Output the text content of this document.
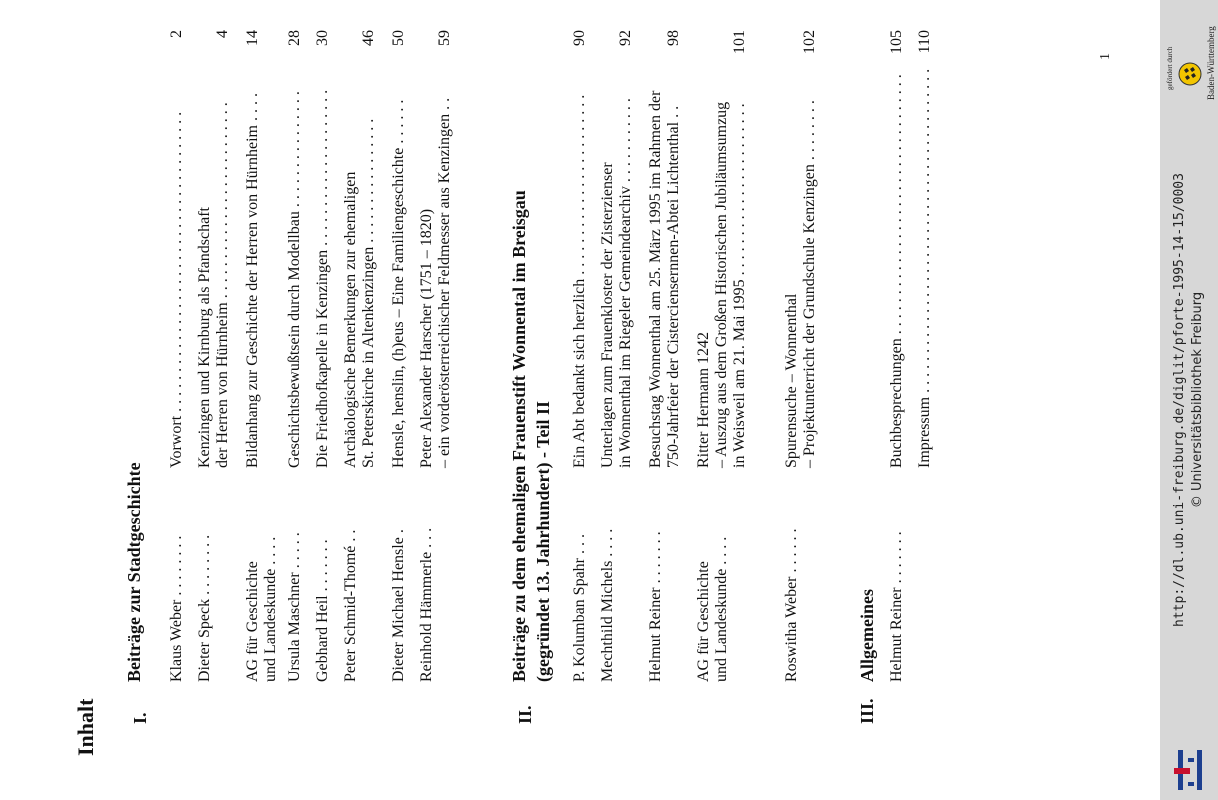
Inhalt
1
I.
Beiträge zur Stadtgeschichte Klaus Weber . . . . . . . .
Vorwort . . . . . . . . . . . . . . . . . . . . . . . . . . . . . . . . . . . . . .
2
Dieter Speck . . . . . . . .
Kenzingen und Kirnburg als Pfandschaft der Herren von Hürnheim . . . . . . . . . . . . . . . . . . . . . . . . .
4
AG für Geschichte und Landeskunde . . . .
Bildanhang zur Geschichte der Herren von Hürnheim . . . .
14
Ursula Maschner . . . . .
Geschichtsbewußtsein durch Modellbau . . . . . . . . . . . . . . .
28
Gebhard Heil . . . . . . .
Die Friedhofkapelle in Kenzingen . . . . . . . . . . . . . . . . . . . .
30
Peter Schmid-Thomé . .
Archäologische Bemerkungen zur ehemaligen St. Peterskirche in Altenkenzingen . . . . . . . . . . . . . . . .
46
Dieter Michael Hensle .
Hensle, henslin, (h)eus – Eine Familiengeschichte . . . . . .
50
Reinhold Hämmerle . . .
Peter Alexander Harscher (1751 – 1820) – ein vorderösterreichischer Feldmesser aus Kenzingen . .
59
II.
Beiträge zu dem ehemaligen Frauenstift Wonnental im Breisgau (gegründet 13. Jahrhundert) - Teil II P. Kolumban Spahr . . .
Ein Abt bedankt sich herzlich . . . . . . . . . . . . . . . . . . . . . . .
90
Mechthild Michels . . . .
Unterlagen zum Frauenkloster der Zisterzienser in Wonnenthal im Riegeler Gemeindearchiv . . . . . . . . . . .
92
Helmut Reiner . . . . . . .
Besuchstag Wonnenthal am 25. März 1995 im Rahmen der 750-Jahrfeier der Cisterciensernnen-Abtei Lichtenthal . .
98
AG für Geschichte und Landeskunde . . . .
Ritter Hermann 1242 – Auszug aus dem Großen Historischen Jubiläumsumzug in Weisweil am 21. Mai 1995 . . . . . . . . . . . . . . . . . . . . . .
101
Roswitha Weber . . . . . .
Spurensuche – Wonnenthal – Projektunterricht der Grundschule Kenzingen . . . . . . . .
102
III.
Allgemeines Helmut Reiner . . . . . . .
Buchbesprechungen . . . . . . . . . . . . . . . . . . . . . . . . . . . . . . . . .
105
Impressum . . . . . . . . . . . . . . . . . . . . . . . . . . . . . . . . . . . . . . . . .
110
http://dl.ub.uni-freiburg.de/diglit/pforte-1995-14-15/0003 © Universitätsbibliothek Freiburg
gefördert durch	Baden-Württemberg
